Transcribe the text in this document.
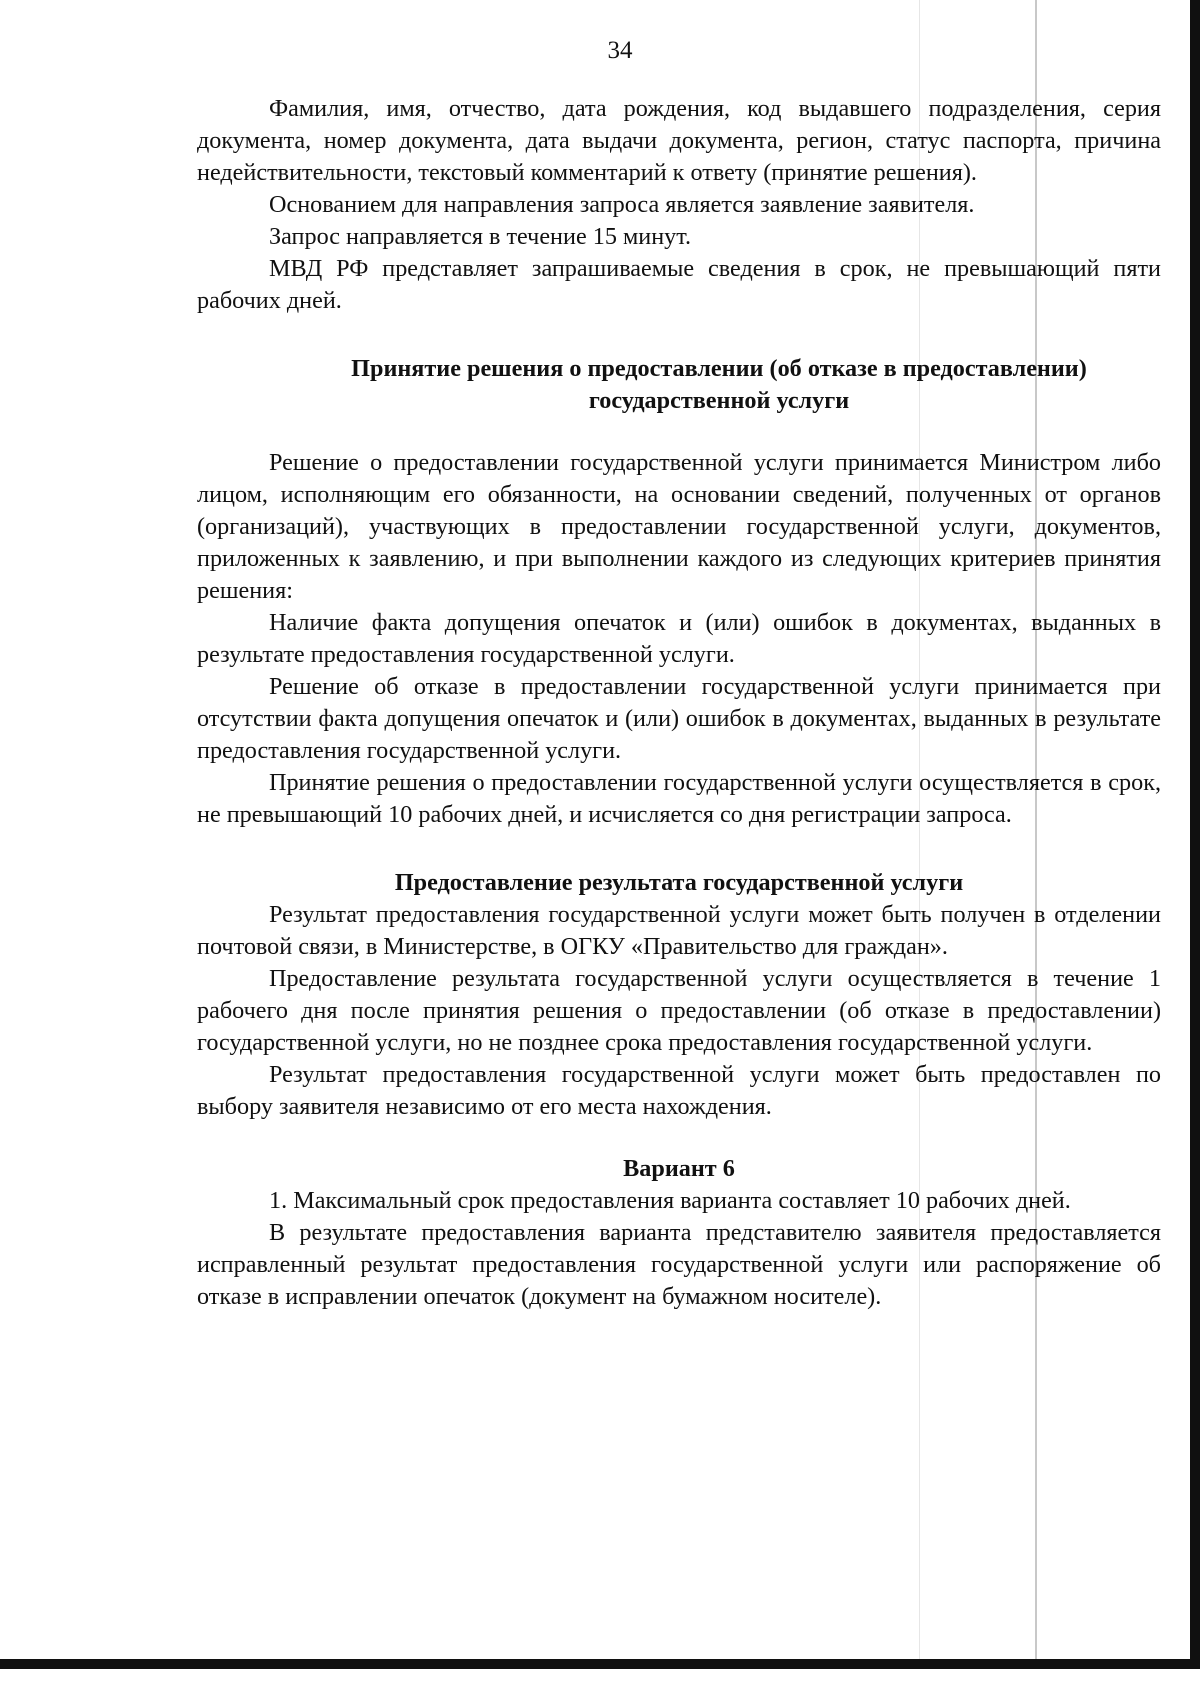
34

Фамилия, имя, отчество, дата рождения, код выдавшего подразделения, серия документа, номер документа, дата выдачи документа, регион, статус паспорта, причина недействительности, текстовый комментарий к ответу (принятие решения).

Основанием для направления запроса является заявление заявителя.

Запрос направляется в течение 15 минут.

МВД РФ представляет запрашиваемые сведения в срок, не превышающий пяти рабочих дней.

Принятие решения о предоставлении (об отказе в предоставлении) государственной услуги

Решение о предоставлении государственной услуги принимается Министром либо лицом, исполняющим его обязанности, на основании сведений, полученных от органов (организаций), участвующих в предоставлении государственной услуги, документов, приложенных к заявлению, и при выполнении каждого из следующих критериев принятия решения:

Наличие факта допущения опечаток и (или) ошибок в документах, выданных в результате предоставления государственной услуги.

Решение об отказе в предоставлении государственной услуги принимается при отсутствии факта допущения опечаток и (или) ошибок в документах, выданных в результате предоставления государственной услуги.

Принятие решения о предоставлении государственной услуги осуществляется в срок, не превышающий 10 рабочих дней, и исчисляется со дня регистрации запроса.

Предоставление результата государственной услуги

Результат предоставления государственной услуги может быть получен в отделении почтовой связи, в Министерстве, в ОГКУ «Правительство для граждан».

Предоставление результата государственной услуги осуществляется в течение 1 рабочего дня после принятия решения о предоставлении (об отказе в предоставлении) государственной услуги, но не позднее срока предоставления государственной услуги.

Результат предоставления государственной услуги может быть предоставлен по выбору заявителя независимо от его места нахождения.

Вариант 6

1. Максимальный срок предоставления варианта составляет 10 рабочих дней.

В результате предоставления варианта представителю заявителя предоставляется исправленный результат предоставления государственной услуги или распоряжение об отказе в исправлении опечаток (документ на бумажном носителе).
